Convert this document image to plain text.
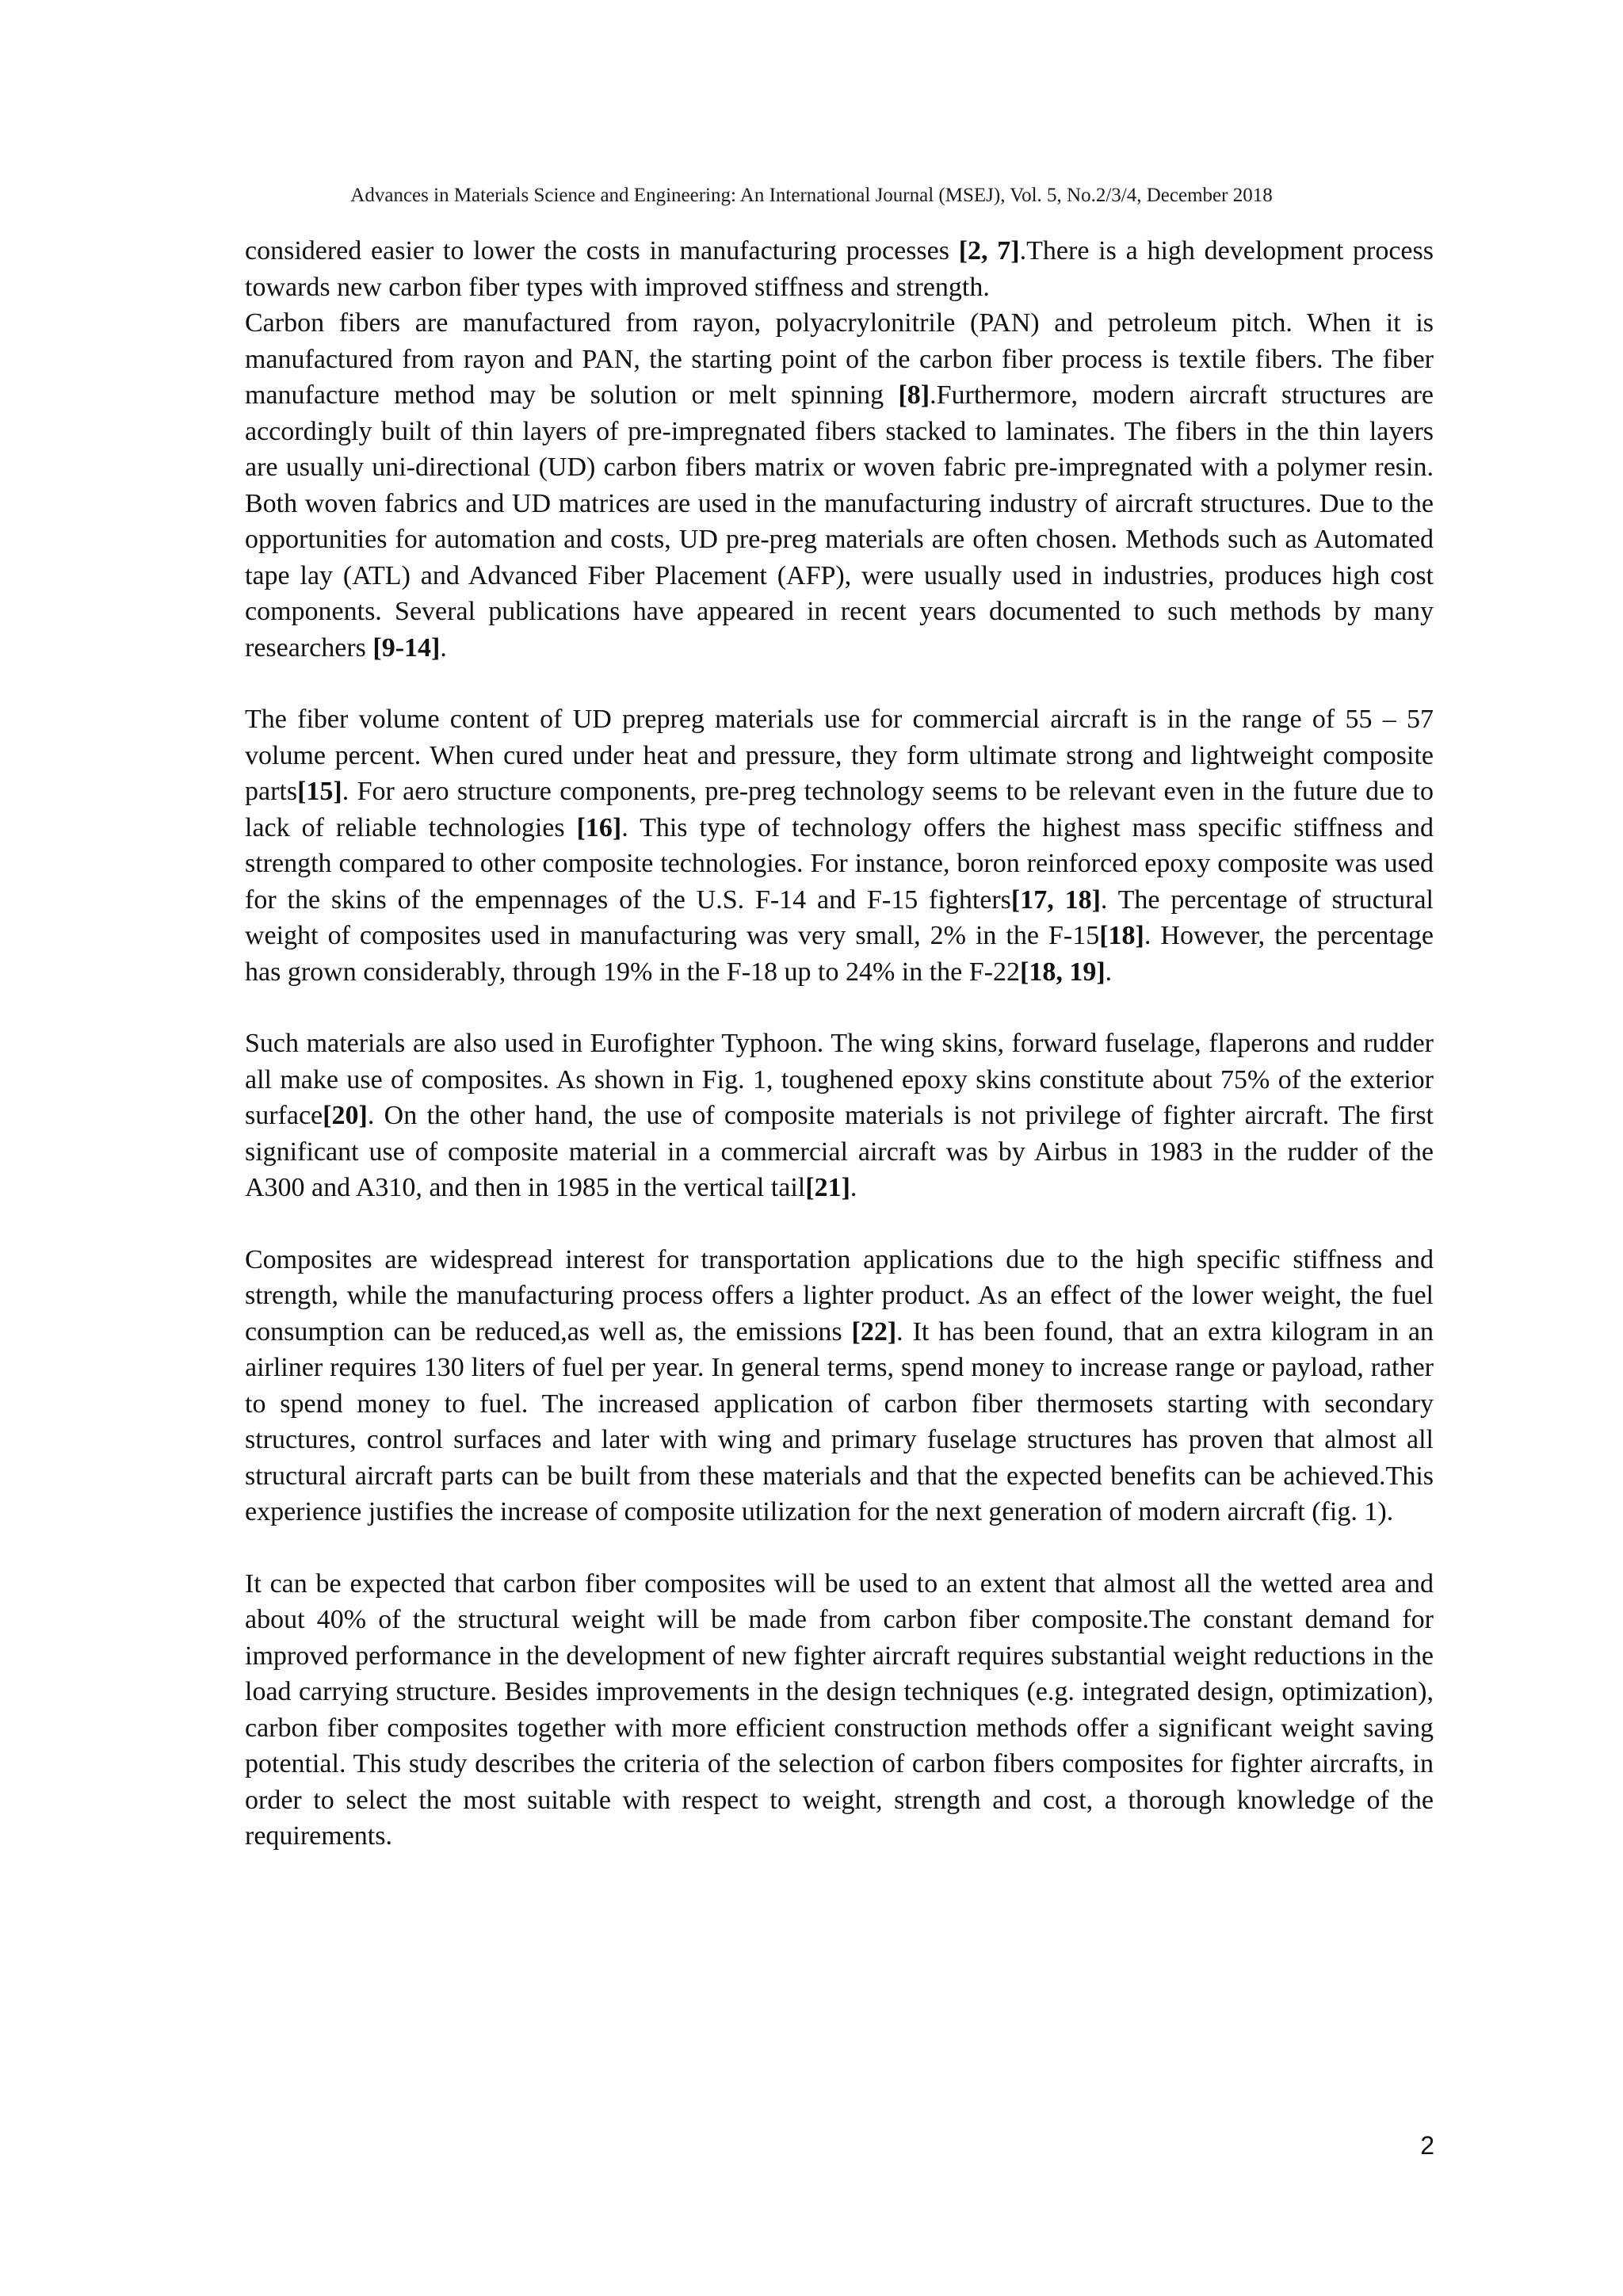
Advances in Materials Science and Engineering: An International Journal (MSEJ), Vol. 5, No.2/3/4, December 2018

considered easier to lower the costs in manufacturing processes [2, 7].There is a high development process towards new carbon fiber types with improved stiffness and strength.

Carbon fibers are manufactured from rayon, polyacrylonitrile (PAN) and petroleum pitch. When it is manufactured from rayon and PAN, the starting point of the carbon fiber process is textile fibers. The fiber manufacture method may be solution or melt spinning [8].Furthermore, modern aircraft structures are accordingly built of thin layers of pre-impregnated fibers stacked to laminates. The fibers in the thin layers are usually uni-directional (UD) carbon fibers matrix or woven fabric pre-impregnated with a polymer resin. Both woven fabrics and UD matrices are used in the manufacturing industry of aircraft structures. Due to the opportunities for automation and costs, UD pre-preg materials are often chosen. Methods such as Automated tape lay (ATL) and Advanced Fiber Placement (AFP), were usually used in industries, produces high cost components. Several publications have appeared in recent years documented to such methods by many researchers [9-14].

The fiber volume content of UD prepreg materials use for commercial aircraft is in the range of 55 – 57 volume percent. When cured under heat and pressure, they form ultimate strong and lightweight composite parts[15]. For aero structure components, pre-preg technology seems to be relevant even in the future due to lack of reliable technologies [16]. This type of technology offers the highest mass specific stiffness and strength compared to other composite technologies. For instance, boron reinforced epoxy composite was used for the skins of the empennages of the U.S. F-14 and F-15 fighters[17, 18]. The percentage of structural weight of composites used in manufacturing was very small, 2% in the F-15[18]. However, the percentage has grown considerably, through 19% in the F-18 up to 24% in the F-22[18, 19].

Such materials are also used in Eurofighter Typhoon. The wing skins, forward fuselage, flaperons and rudder all make use of composites. As shown in Fig. 1, toughened epoxy skins constitute about 75% of the exterior surface[20]. On the other hand, the use of composite materials is not privilege of fighter aircraft. The first significant use of composite material in a commercial aircraft was by Airbus in 1983 in the rudder of the A300 and A310, and then in 1985 in the vertical tail[21].

Composites are widespread interest for transportation applications due to the high specific stiffness and strength, while the manufacturing process offers a lighter product. As an effect of the lower weight, the fuel consumption can be reduced,as well as, the emissions [22]. It has been found, that an extra kilogram in an airliner requires 130 liters of fuel per year. In general terms, spend money to increase range or payload, rather to spend money to fuel. The increased application of carbon fiber thermosets starting with secondary structures, control surfaces and later with wing and primary fuselage structures has proven that almost all structural aircraft parts can be built from these materials and that the expected benefits can be achieved.This experience justifies the increase of composite utilization for the next generation of modern aircraft (fig. 1).

It can be expected that carbon fiber composites will be used to an extent that almost all the wetted area and about 40% of the structural weight will be made from carbon fiber composite.The constant demand for improved performance in the development of new fighter aircraft requires substantial weight reductions in the load carrying structure. Besides improvements in the design techniques (e.g. integrated design, optimization), carbon fiber composites together with more efficient construction methods offer a significant weight saving potential. This study describes the criteria of the selection of carbon fibers composites for fighter aircrafts, in order to select the most suitable with respect to weight, strength and cost, a thorough knowledge of the requirements.

2
